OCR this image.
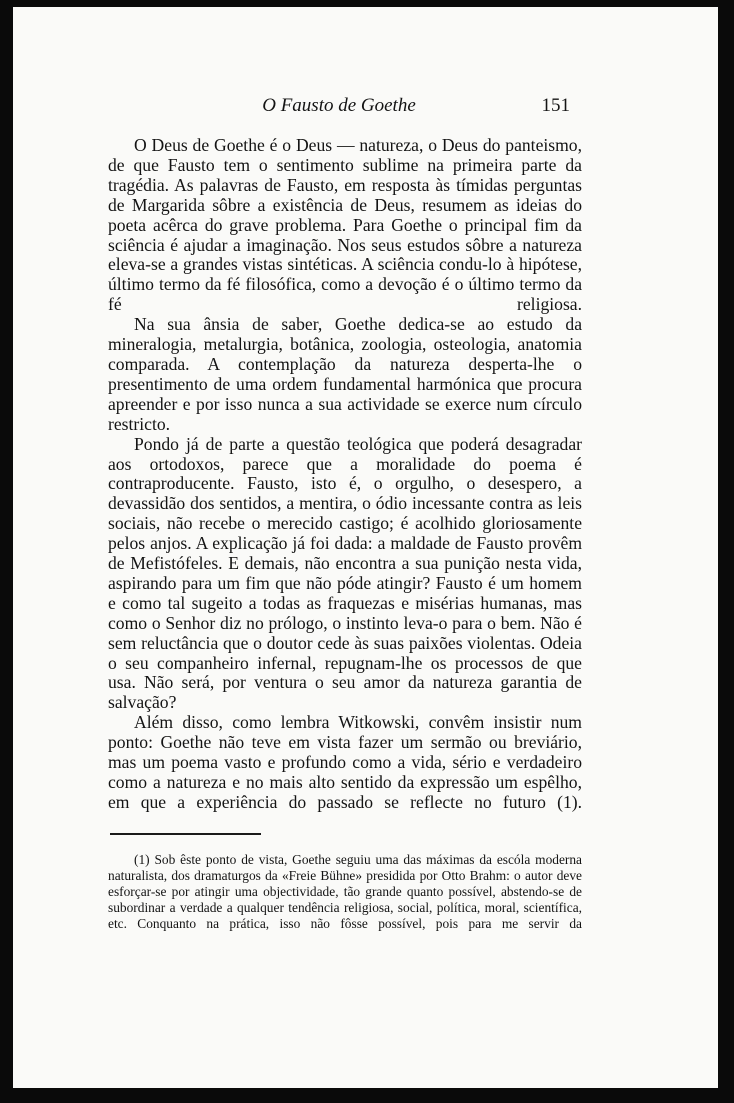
O Fausto de Goethe	151

O Deus de Goethe é o Deus — natureza, o Deus do panteismo, de que Fausto tem o sentimento sublime na primeira parte da tragédia. As palavras de Fausto, em resposta às tímidas perguntas de Margarida sôbre a existência de Deus, resumem as ideias do poeta acêrca do grave problema. Para Goethe o principal fim da sciência é ajudar a imaginação. Nos seus estudos sôbre a natureza eleva-se a grandes vistas sintéticas. A sciência condu-lo à hipótese, último termo da fé filosófica, como a devoção é o último termo da fé religiosa.

Na sua ânsia de saber, Goethe dedica-se ao estudo da mineralogia, metalurgia, botânica, zoologia, osteologia, anatomia comparada. A contemplação da natureza desperta-lhe o presentimento de uma ordem fundamental harmónica que procura apreender e por isso nunca a sua actividade se exerce num círculo restricto.

Pondo já de parte a questão teológica que poderá desagradar aos ortodoxos, parece que a moralidade do poema é contraproducente. Fausto, isto é, o orgulho, o desespero, a devassidão dos sentidos, a mentira, o ódio incessante contra as leis sociais, não recebe o merecido castigo; é acolhido gloriosamente pelos anjos. A explicação já foi dada: a maldade de Fausto provêm de Mefistófeles. E demais, não encontra a sua punição nesta vida, aspirando para um fim que não póde atingir? Fausto é um homem e como tal sugeito a todas as fraquezas e misérias humanas, mas como o Senhor diz no prólogo, o instinto leva-o para o bem. Não é sem reluctância que o doutor cede às suas paixões violentas. Odeia o seu companheiro infernal, repugnam-lhe os processos de que usa. Não será, por ventura o seu amor da natureza garantia de salvação?

Além disso, como lembra Witkowski, convêm insistir num ponto: Goethe não teve em vista fazer um sermão ou breviário, mas um poema vasto e profundo como a vida, sério e verdadeiro como a natureza e no mais alto sentido da expressão um espêlho, em que a experiência do passado se reflecte no futuro (1).

(1) Sob êste ponto de vista, Goethe seguiu uma das máximas da escóla moderna naturalista, dos dramaturgos da «Freie Bühne» presidida por Otto Brahm: o autor deve esforçar-se por atingir uma objectividade, tão grande quanto possível, abstendo-se de subordinar a verdade a qualquer tendência religiosa, social, política, moral, scientífica, etc. Conquanto na prática, isso não fôsse possível, pois para me servir da
